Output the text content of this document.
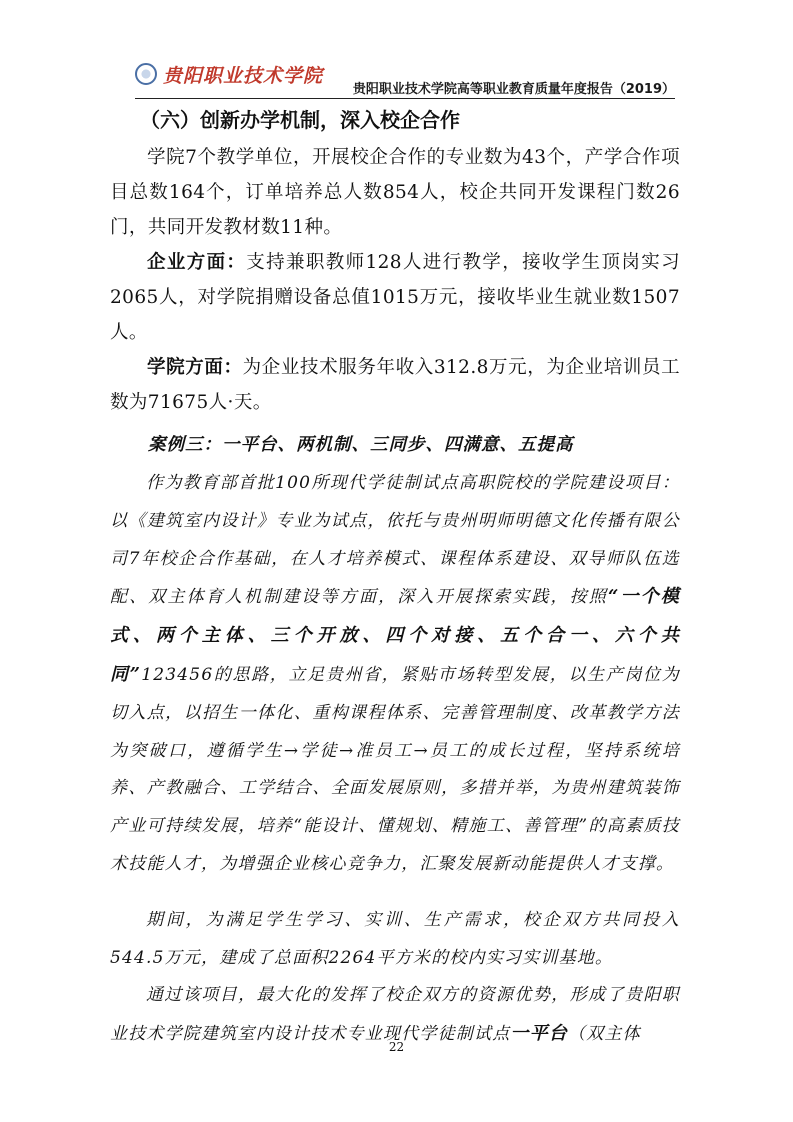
贵阳职业技术学院
贵阳职业技术学院高等职业教育质量年度报告（2019）
（六）创新办学机制，深入校企合作

学院7个教学单位，开展校企合作的专业数为43个，产学合作项目总数164个，订单培养总人数854人，校企共同开发课程门数26门，共同开发教材数11种。

企业方面：支持兼职教师128人进行教学，接收学生顶岗实习2065人，对学院捐赠设备总值1015万元，接收毕业生就业数1507人。

学院方面：为企业技术服务年收入312.8万元，为企业培训员工数为71675人·天。

案例三：一平台、两机制、三同步、四满意、五提高

作为教育部首批100所现代学徒制试点高职院校的学院建设项目：以《建筑室内设计》专业为试点，依托与贵州明师明德文化传播有限公司7年校企合作基础，在人才培养模式、课程体系建设、双导师队伍选配、双主体育人机制建设等方面，深入开展探索实践，按照“一个模式、两个主体、三个开放、四个对接、五个合一、六个共同”123456的思路，立足贵州省，紧贴市场转型发展，以生产岗位为切入点，以招生一体化、重构课程体系、完善管理制度、改革教学方法为突破口，遵循学生→学徒→准员工→员工的成长过程，坚持系统培养、产教融合、工学结合、全面发展原则，多措并举，为贵州建筑装饰产业可持续发展，培养“能设计、懂规划、精施工、善管理”的高素质技术技能人才，为增强企业核心竞争力，汇聚发展新动能提供人才支撑。

期间，为满足学生学习、实训、生产需求，校企双方共同投入544.5万元，建成了总面积2264平方米的校内实习实训基地。

通过该项目，最大化的发挥了校企双方的资源优势，形成了贵阳职业技术学院建筑室内设计技术专业现代学徒制试点一平台（双主体

22
